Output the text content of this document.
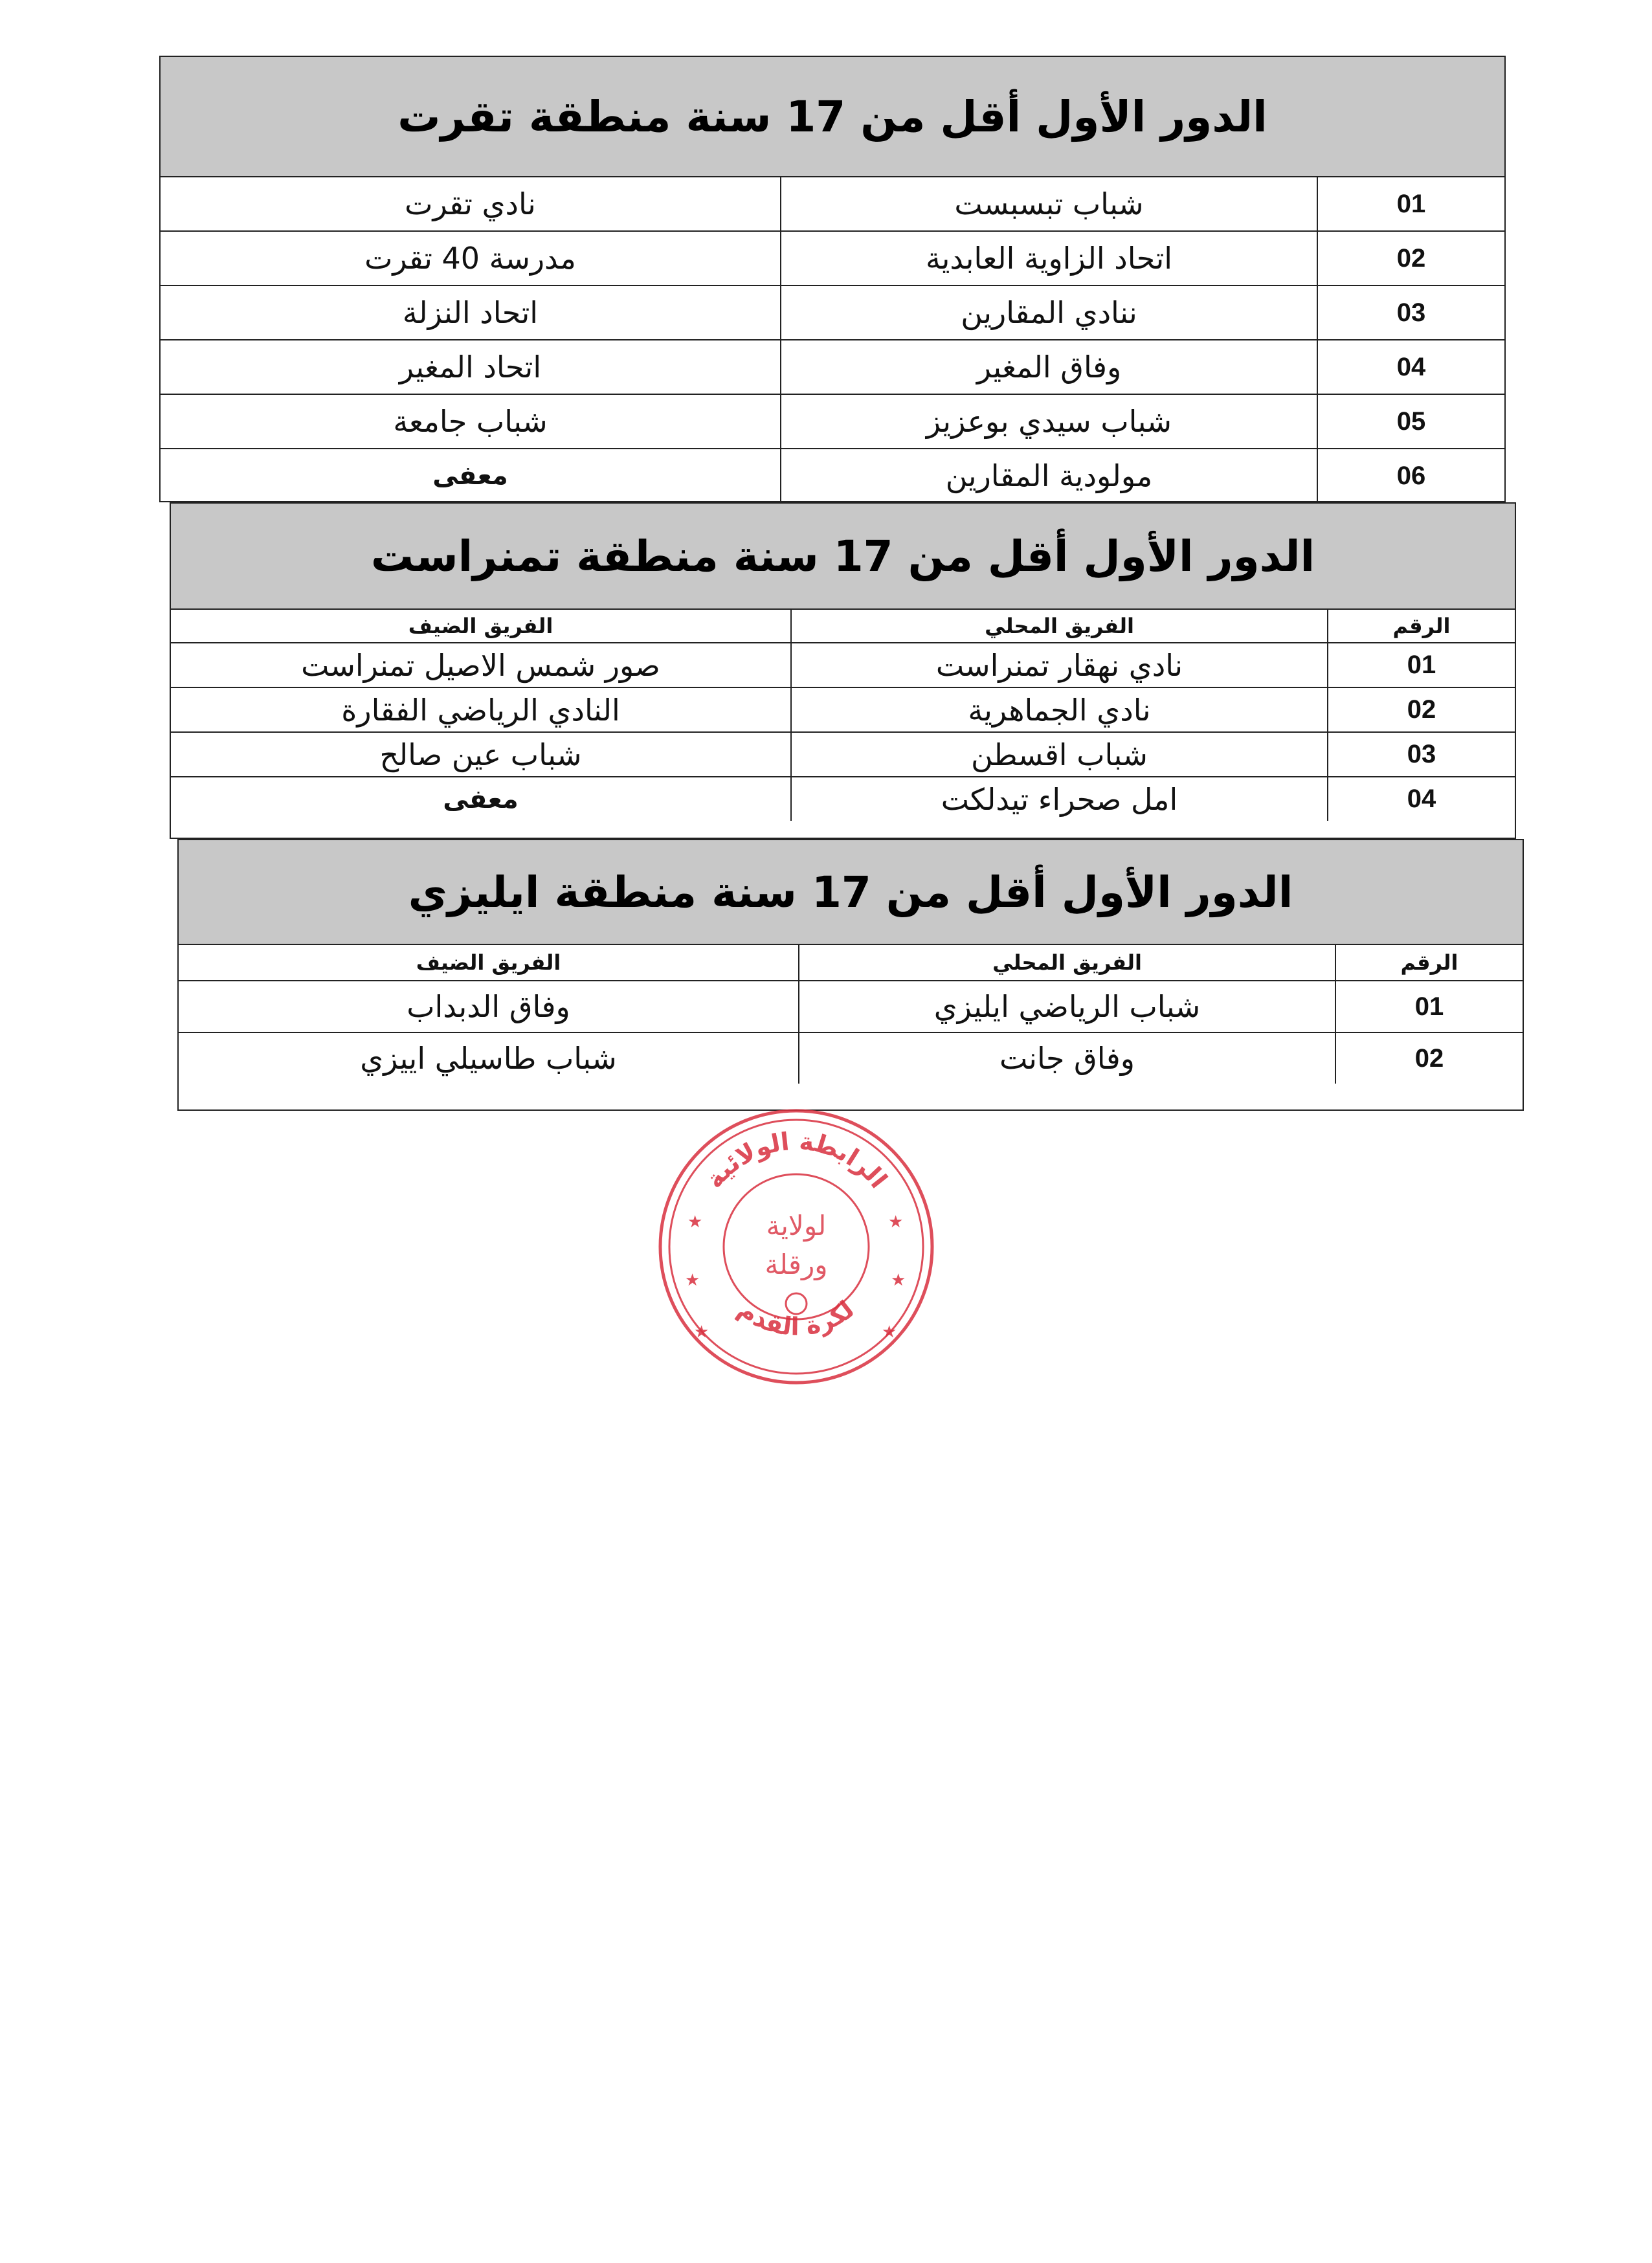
الدور الأول أقل من 17 سنة منطقة تقرت
01	شباب تبسبست	نادي تقرت
02	اتحاد الزاوية العابدية	مدرسة 40 تقرت
03	ننادي المقارين	اتحاد النزلة
04	وفاق المغير	اتحاد المغير
05	شباب سيدي بوعزيز	شباب جامعة
06	مولودية المقارين	معفى
الدور الأول أقل من 17 سنة منطقة تمنراست
الرقم	الفريق المحلي	الفريق الضيف
01	نادي نهقار تمنراست	صور شمس الاصيل تمنراست
02	نادي الجماهرية	النادي الرياضي الفقارة
03	شباب اقسطن	شباب عين صالح
04	امل صحراء تيدلكت	معفى
الدور الأول أقل من 17 سنة منطقة ايليزي
الرقم	الفريق المحلي	الفريق الضيف
01	شباب الرياضي ايليزي	وفاق الدبداب
02	وفاق جانت	شباب طاسيلي اييزي
الرابطة الولائية
لكرة القدم
★	★
★	★
★	★
لولاية
ورقلة
